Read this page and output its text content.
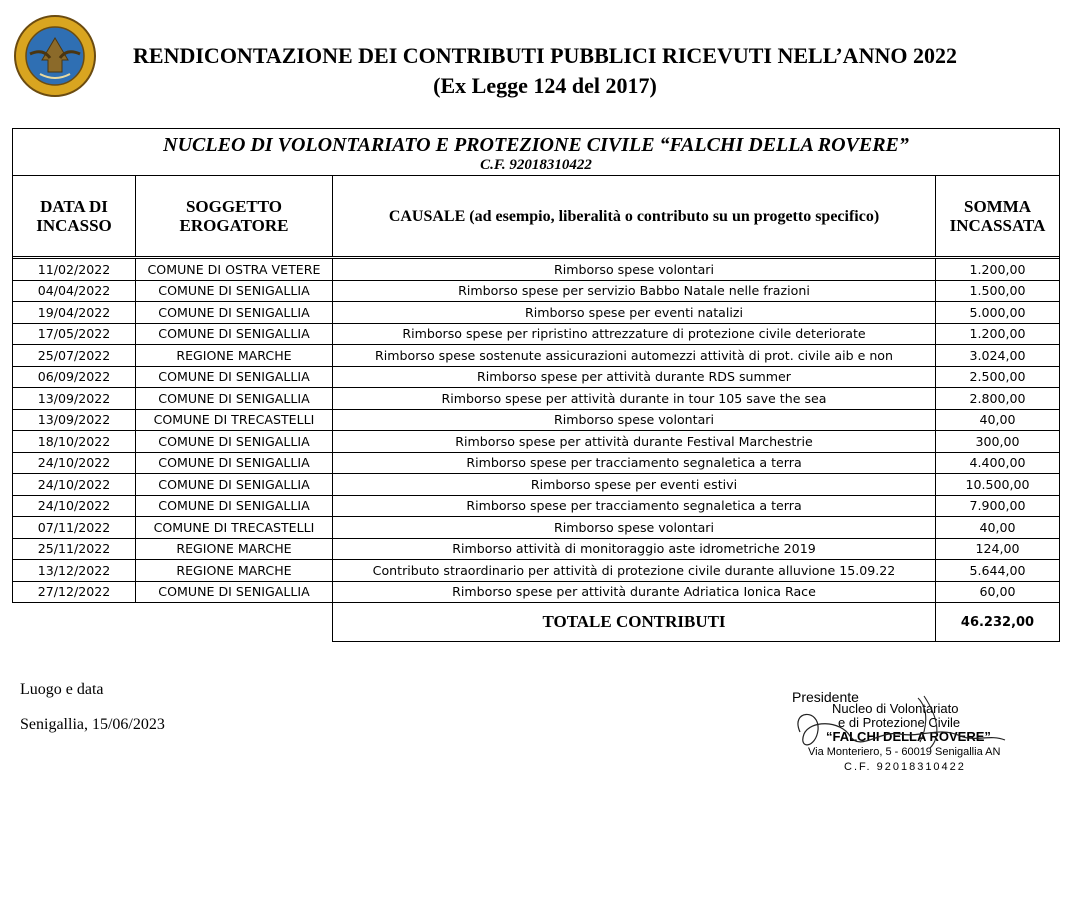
RENDICONTAZIONE DEI CONTRIBUTI PUBBLICI RICEVUTI NELL’ANNO 2022
(Ex Legge 124 del 2017)
NUCLEO DI VOLONTARIATO E PROTEZIONE CIVILE “FALCHI DELLA ROVERE”
C.F. 92018310422			

DATA DI INCASSO	SOGGETTO EROGATORE	CAUSALE (ad esempio, liberalità o contributo su un progetto specifico)	SOMMA INCASSATA

11/02/2022	COMUNE DI OSTRA VETERE	Rimborso spese volontari	1.200,00
04/04/2022	COMUNE DI SENIGALLIA	Rimborso spese per servizio Babbo Natale nelle frazioni	1.500,00
19/04/2022	COMUNE DI SENIGALLIA	Rimborso spese per eventi natalizi	5.000,00
17/05/2022	COMUNE DI SENIGALLIA	Rimborso spese per ripristino attrezzature di protezione civile deteriorate	1.200,00
25/07/2022	REGIONE MARCHE	Rimborso spese sostenute assicurazioni automezzi attività di prot. civile aib e non	3.024,00
06/09/2022	COMUNE DI SENIGALLIA	Rimborso spese per attività durante RDS summer	2.500,00
13/09/2022	COMUNE DI SENIGALLIA	Rimborso spese per attività durante in tour 105 save the sea	2.800,00
13/09/2022	COMUNE DI TRECASTELLI	Rimborso spese volontari	40,00
18/10/2022	COMUNE DI SENIGALLIA	Rimborso spese per attività durante Festival Marchestrie	300,00
24/10/2022	COMUNE DI SENIGALLIA	Rimborso spese per tracciamento segnaletica a terra	4.400,00
24/10/2022	COMUNE DI SENIGALLIA	Rimborso spese per eventi estivi	10.500,00
24/10/2022	COMUNE DI SENIGALLIA	Rimborso spese per tracciamento segnaletica a terra	7.900,00
07/11/2022	COMUNE DI TRECASTELLI	Rimborso spese volontari	40,00
25/11/2022	REGIONE MARCHE	Rimborso attività di monitoraggio aste idrometriche 2019	124,00
13/12/2022	REGIONE MARCHE	Contributo straordinario per attività di protezione civile durante alluvione 15.09.22	5.644,00
27/12/2022	COMUNE DI SENIGALLIA	Rimborso spese per attività durante Adriatica Ionica Race	60,00
		TOTALE CONTRIBUTI	46.232,00
Luogo e data
Senigallia, 15/06/2023
Presidente
Nucleo di Volontariato
e di Protezione Civile
“FALCHI DELLA ROVERE”
Via Monteriero, 5 - 60019 Senigallia AN
C.F. 92018310422
